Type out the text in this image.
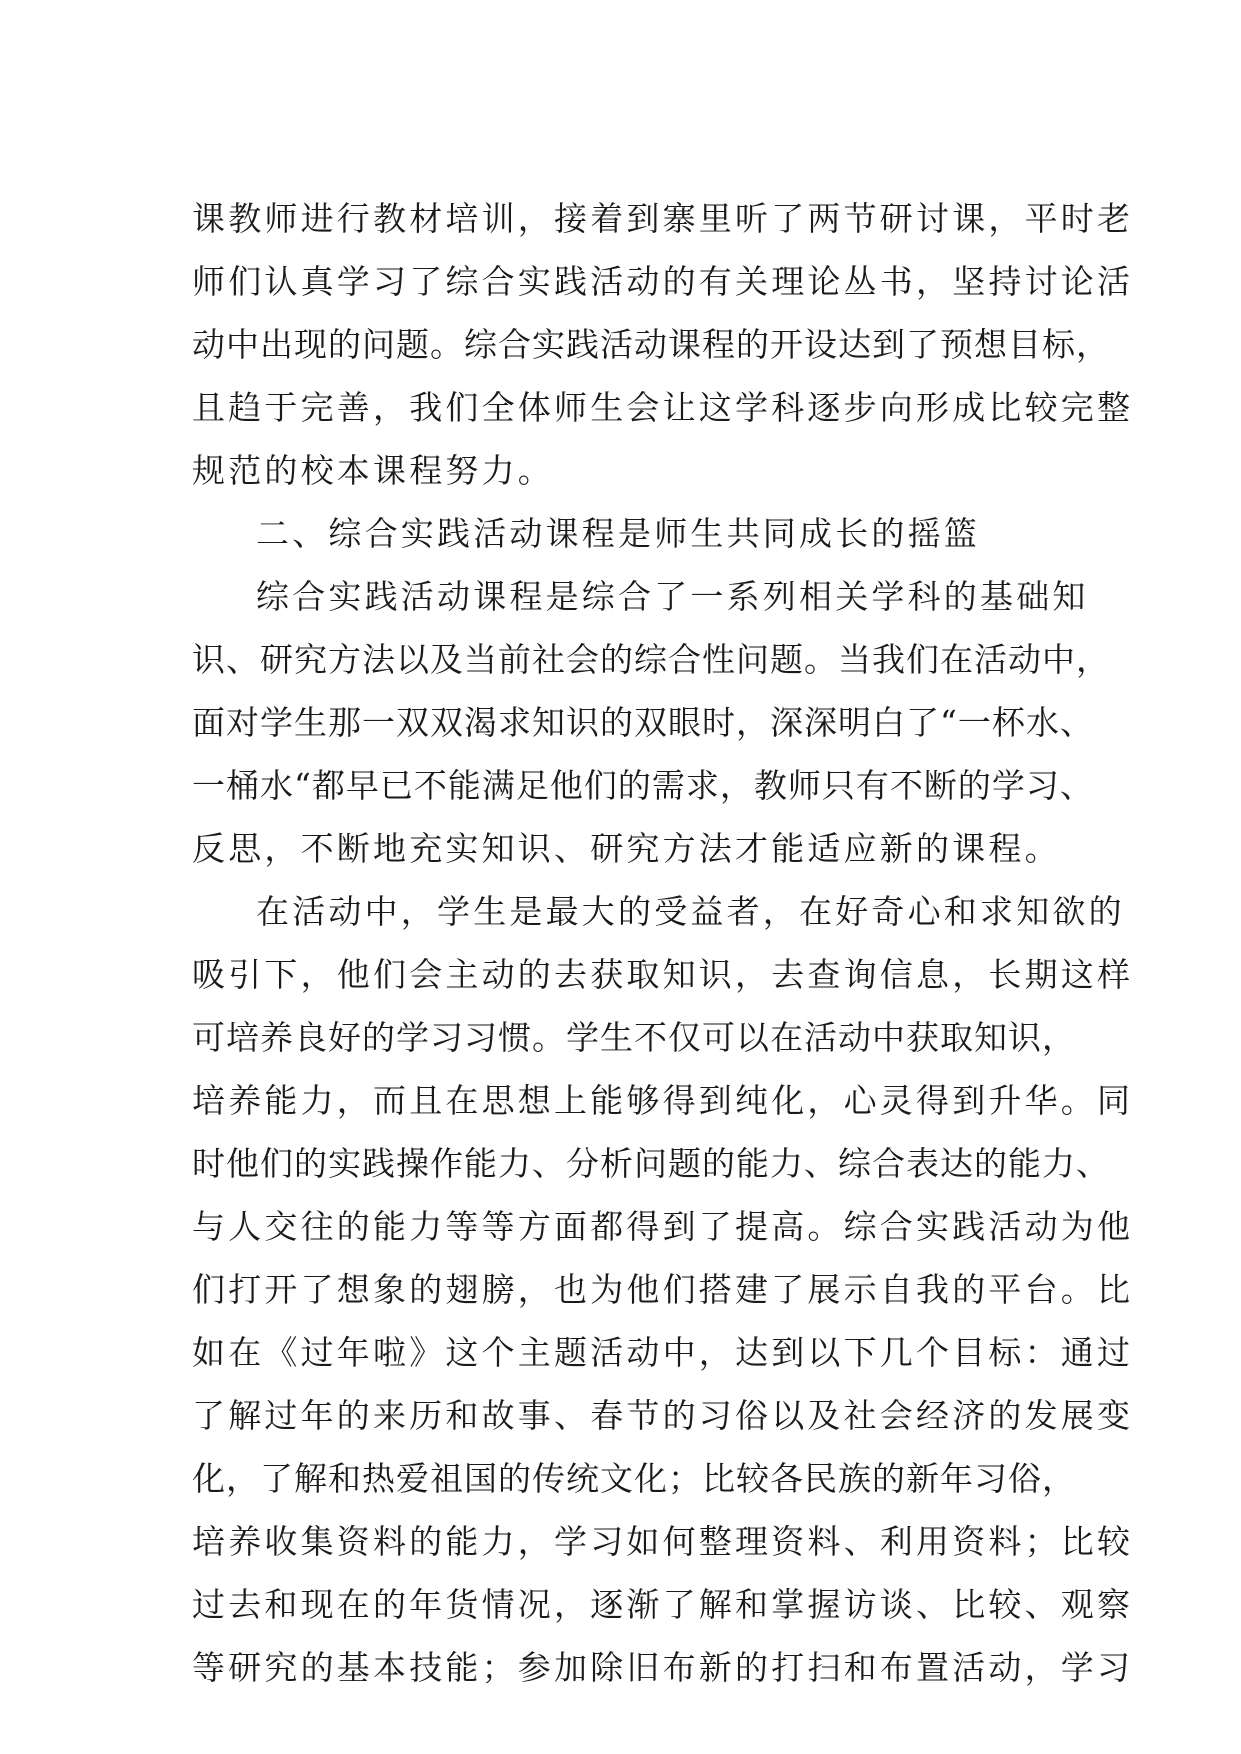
课教师进行教材培训，接着到寨里听了两节研讨课，平时老
师们认真学习了综合实践活动的有关理论丛书，坚持讨论活
动中出现的问题。综合实践活动课程的开设达到了预想目标，
且趋于完善，我们全体师生会让这学科逐步向形成比较完整
规范的校本课程努力。
二、综合实践活动课程是师生共同成长的摇篮
综合实践活动课程是综合了一系列相关学科的基础知
识、研究方法以及当前社会的综合性问题。当我们在活动中，
面对学生那一双双渴求知识的双眼时，深深明白了“一杯水、
一桶水“都早已不能满足他们的需求，教师只有不断的学习、
反思，不断地充实知识、研究方法才能适应新的课程。
在活动中，学生是最大的受益者，在好奇心和求知欲的
吸引下，他们会主动的去获取知识，去查询信息，长期这样
可培养良好的学习习惯。学生不仅可以在活动中获取知识，
培养能力，而且在思想上能够得到纯化，心灵得到升华。同
时他们的实践操作能力、分析问题的能力、综合表达的能力、
与人交往的能力等等方面都得到了提高。综合实践活动为他
们打开了想象的翅膀，也为他们搭建了展示自我的平台。比
如在《过年啦》这个主题活动中，达到以下几个目标：通过
了解过年的来历和故事、春节的习俗以及社会经济的发展变
化，了解和热爱祖国的传统文化；比较各民族的新年习俗，
培养收集资料的能力，学习如何整理资料、利用资料；比较
过去和现在的年货情况，逐渐了解和掌握访谈、比较、观察
等研究的基本技能；参加除旧布新的打扫和布置活动，学习
